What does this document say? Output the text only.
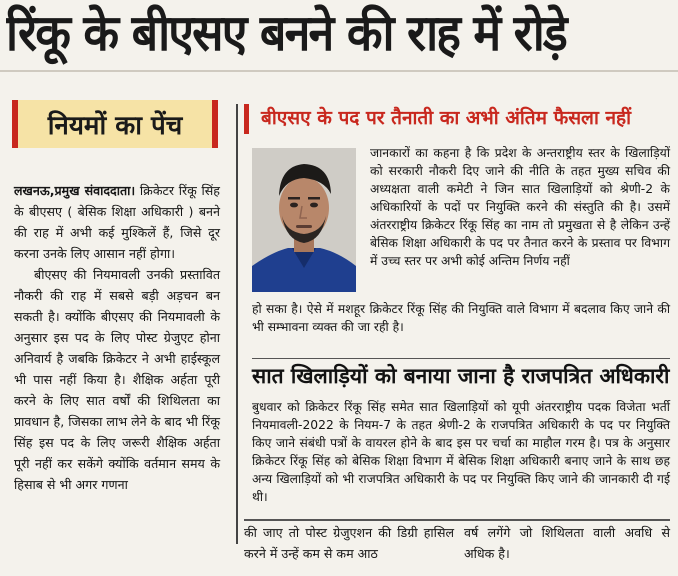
रिंकू के बीएसए बनने की राह में रोड़े
नियमों का पेंच

लखनऊ,प्रमुख संवाददाता। क्रिकेटर रिंकू सिंह के बीएसए ( बेसिक शिक्षा अधिकारी ) बनने की राह में अभी कई मुश्किलें हैं, जिसे दूर करना उनके लिए आसान नहीं होगा।

बीएसए की नियमावली उनकी प्रस्तावित नौकरी की राह में सबसे बड़ी अड़चन बन सकती है। क्योंकि बीएसए की नियमावली के अनुसार इस पद के लिए पोस्ट ग्रेजुएट होना अनिवार्य है जबकि क्रिकेटर ने अभी हाईस्कूल भी पास नहीं किया है। शैक्षिक अर्हता पूरी करने के लिए सात वर्षों की शिथिलता का प्रावधान है, जिसका लाभ लेने के बाद भी रिंकू सिंह इस पद के लिए जरूरी शैक्षिक अर्हता पूरी नहीं कर सकेंगे क्योंकि वर्तमान समय के हिसाब से भी अगर गणना

बीएसए के पद पर तैनाती का अभी अंतिम फैसला नहीं

जानकारों का कहना है कि प्रदेश के अन्तराष्ट्रीय स्तर के खिलाड़ियों को सरकारी नौकरी दिए जाने की नीति के तहत मुख्य सचिव की अध्यक्षता वाली कमेटी ने जिन सात खिलाड़ियों को श्रेणी-2 के अधिकारियों के पदों पर नियुक्ति करने की संस्तुति की है। उसमें अंतरराष्ट्रीय क्रिकेटर रिंकू सिंह का नाम तो प्रमुखता से है लेकिन उन्हें बेसिक शिक्षा अधिकारी के पद पर तैनात करने के प्रस्ताव पर विभाग में उच्च स्तर पर अभी कोई अन्तिम निर्णय नहीं

हो सका है। ऐसे में मशहूर क्रिकेटर रिंकू सिंह की नियुक्ति वाले विभाग में बदलाव किए जाने की भी सम्भावना व्यक्त की जा रही है।

सात खिलाड़ियों को बनाया जाना है राजपत्रित अधिकारी

बुधवार को क्रिकेटर रिंकू सिंह समेत सात खिलाड़ियों को यूपी अंतरराष्ट्रीय पदक विजेता भर्ती नियमावली-2022 के नियम-7 के तहत श्रेणी-2 के राजपत्रित अधिकारी के पद पर नियुक्ति किए जाने संबंधी पत्रों के वायरल होने के बाद इस पर चर्चा का माहौल गरम है। पत्र के अनुसार क्रिकेटर रिंकू सिंह को बेसिक शिक्षा विभाग में बेसिक शिक्षा अधिकारी बनाए जाने के साथ छह अन्य खिलाड़ियों को भी राजपत्रित अधिकारी के पद पर नियुक्ति किए जाने की जानकारी दी गई थी।

की जाए तो पोस्ट ग्रेजुएशन की डिग्री हासिल करने में उन्हें कम से कम आठ

वर्ष लगेंगे जो शिथिलता वाली अवधि से अधिक है।
